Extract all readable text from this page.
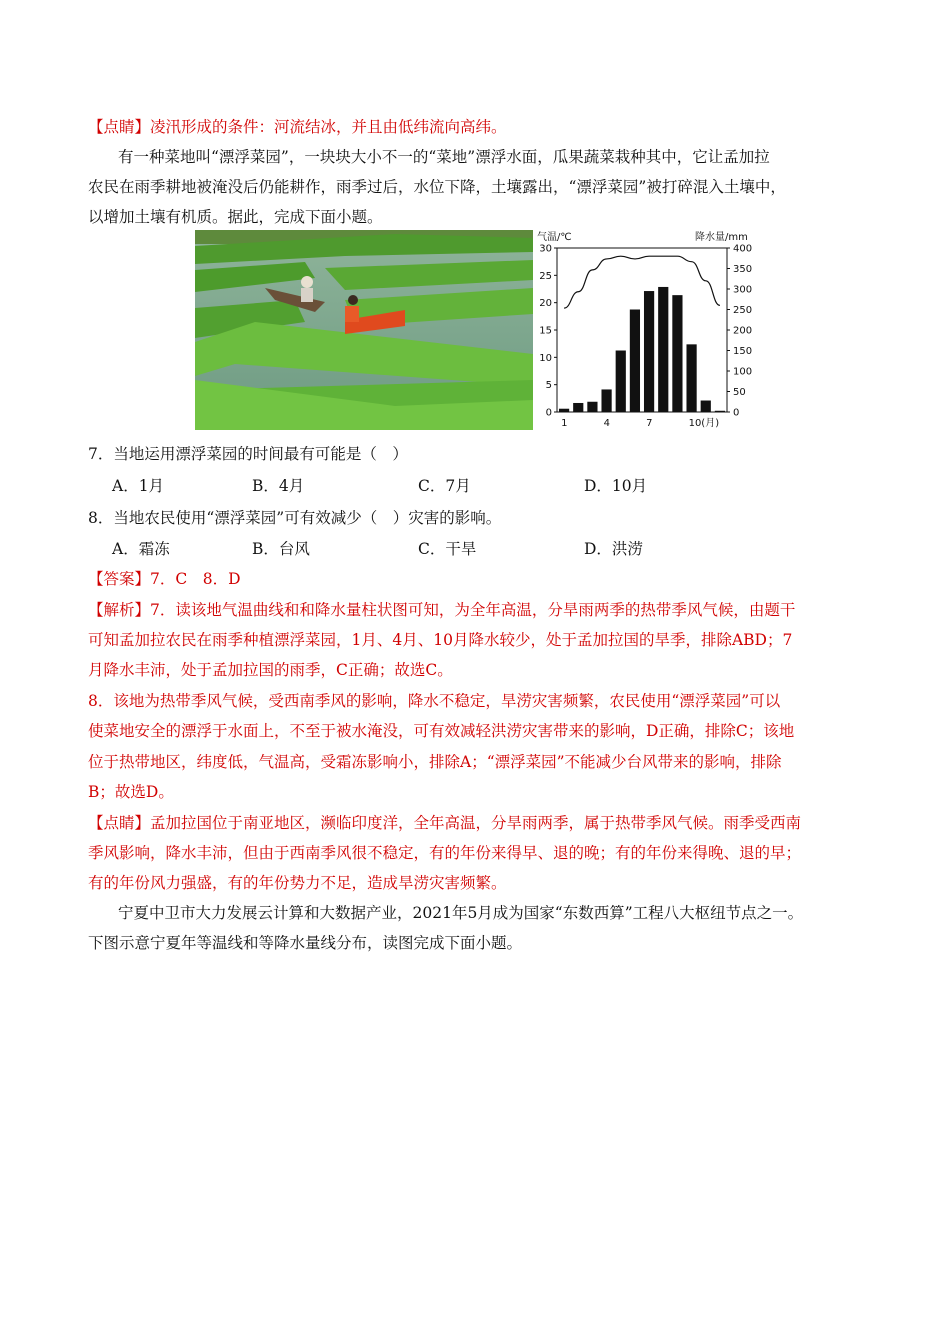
【点睛】凌汛形成的条件：河流结冰，并且由低纬流向高纬。
有一种菜地叫“漂浮菜园”，一块块大小不一的“菜地”漂浮水面，瓜果蔬菜栽种其中，它让孟加拉
农民在雨季耕地被淹没后仍能耕作，雨季过后，水位下降，土壤露出，“漂浮菜园”被打碎混入土壤中，
以增加土壤有机质。据此，完成下面小题。
气温/℃	降水量/mm
30
25
20
15
10
5
0
400
350
300
250
200
150
100
50
0
1	4	7	10(月)
7．当地运用漂浮菜园的时间最有可能是（　）
A．1月	B．4月	C．7月	D．10月
8．当地农民使用“漂浮菜园”可有效减少（　）灾害的影响。
A．霜冻	B．台风	C．干旱	D．洪涝
【答案】7．C　8．D
【解析】7．读该地气温曲线和和降水量柱状图可知，为全年高温，分旱雨两季的热带季风气候，由题干
可知孟加拉农民在雨季种植漂浮菜园，1月、4月、10月降水较少，处于孟加拉国的旱季，排除ABD；7
月降水丰沛，处于孟加拉国的雨季，C正确；故选C。
8．该地为热带季风气候，受西南季风的影响，降水不稳定，旱涝灾害频繁，农民使用“漂浮菜园”可以
使菜地安全的漂浮于水面上，不至于被水淹没，可有效减轻洪涝灾害带来的影响，D正确，排除C；该地
位于热带地区，纬度低，气温高，受霜冻影响小，排除A；“漂浮菜园”不能减少台风带来的影响，排除
B；故选D。
【点睛】孟加拉国位于南亚地区，濒临印度洋，全年高温，分旱雨两季，属于热带季风气候。雨季受西南
季风影响，降水丰沛，但由于西南季风很不稳定，有的年份来得早、退的晚；有的年份来得晚、退的早；
有的年份风力强盛，有的年份势力不足，造成旱涝灾害频繁。
宁夏中卫市大力发展云计算和大数据产业，2021年5月成为国家“东数西算”工程八大枢纽节点之一。
下图示意宁夏年等温线和等降水量线分布，读图完成下面小题。
